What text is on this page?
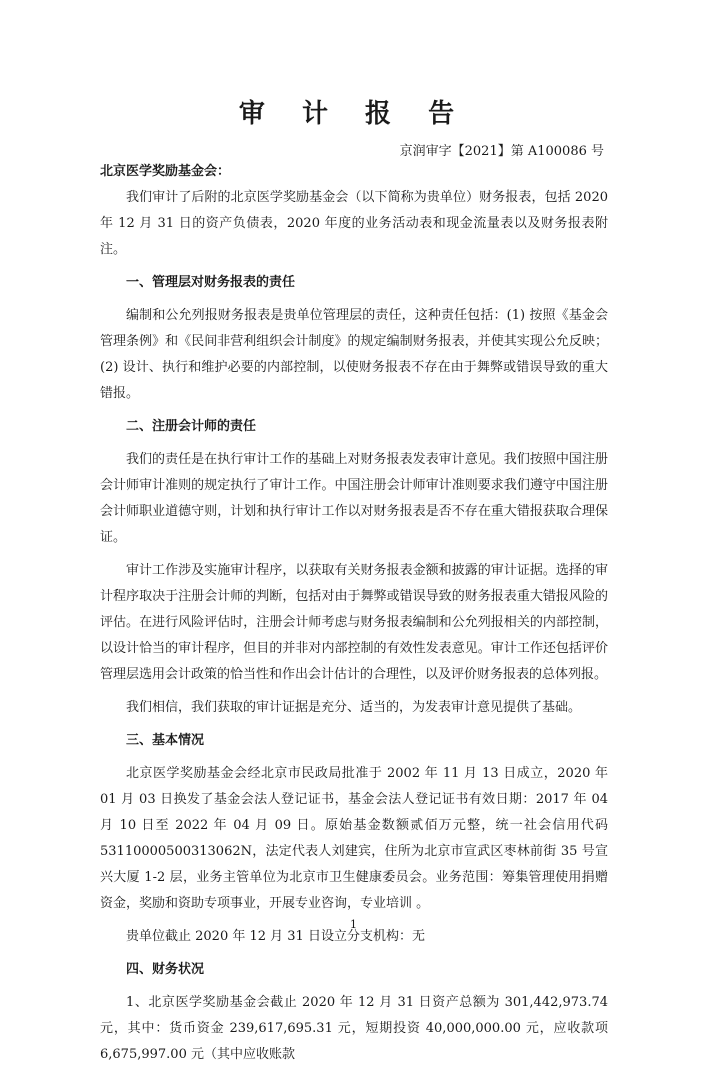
审 计 报 告
京润审字【2021】第 A100086 号

北京医学奖励基金会：

我们审计了后附的北京医学奖励基金会（以下简称为贵单位）财务报表，包括 2020 年 12 月 31 日的资产负债表，2020 年度的业务活动表和现金流量表以及财务报表附注。

一、管理层对财务报表的责任

编制和公允列报财务报表是贵单位管理层的责任，这种责任包括：(1) 按照《基金会管理条例》和《民间非营利组织会计制度》的规定编制财务报表，并使其实现公允反映；(2) 设计、执行和维护必要的内部控制，以使财务报表不存在由于舞弊或错误导致的重大错报。

二、注册会计师的责任

我们的责任是在执行审计工作的基础上对财务报表发表审计意见。我们按照中国注册会计师审计准则的规定执行了审计工作。中国注册会计师审计准则要求我们遵守中国注册会计师职业道德守则，计划和执行审计工作以对财务报表是否不存在重大错报获取合理保证。

审计工作涉及实施审计程序，以获取有关财务报表金额和披露的审计证据。选择的审计程序取决于注册会计师的判断，包括对由于舞弊或错误导致的财务报表重大错报风险的评估。在进行风险评估时，注册会计师考虑与财务报表编制和公允列报相关的内部控制，以设计恰当的审计程序，但目的并非对内部控制的有效性发表意见。审计工作还包括评价管理层选用会计政策的恰当性和作出会计估计的合理性，以及评价财务报表的总体列报。

我们相信，我们获取的审计证据是充分、适当的，为发表审计意见提供了基础。

三、基本情况

北京医学奖励基金会经北京市民政局批准于 2002 年 11 月 13 日成立，2020 年 01 月 03 日换发了基金会法人登记证书，基金会法人登记证书有效日期：2017 年 04 月 10 日至 2022 年 04 月 09 日。原始基金数额贰佰万元整，统一社会信用代码 53110000500313062N，法定代表人刘建宾，住所为北京市宣武区枣林前街 35 号宣兴大厦 1-2 层，业务主管单位为北京市卫生健康委员会。业务范围：筹集管理使用捐赠资金，奖励和资助专项事业，开展专业咨询，专业培训 。

贵单位截止 2020 年 12 月 31 日设立分支机构：无

四、财务状况

1、北京医学奖励基金会截止 2020 年 12 月 31 日资产总额为 301,442,973.74 元，其中：货币资金 239,617,695.31 元，短期投资 40,000,000.00 元，应收款项 6,675,997.00 元（其中应收账款

1
